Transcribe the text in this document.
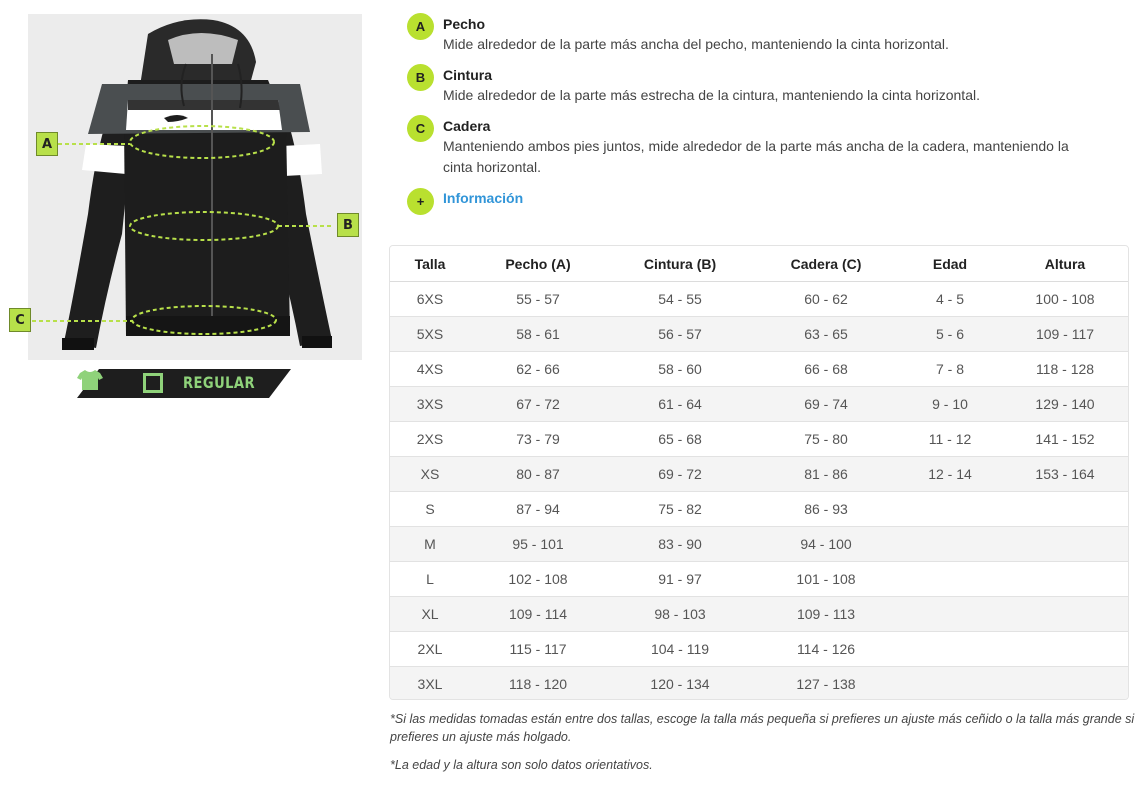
A
B
C
REGULAR
A	Pecho
Mide alrededor de la parte más ancha del pecho, manteniendo la cinta horizontal.
B	Cintura
Mide alrededor de la parte más estrecha de la cintura, manteniendo la cinta horizontal.
C	Cadera
Manteniendo ambos pies juntos, mide alrededor de la parte más ancha de la cadera, manteniendo la cinta horizontal.
+	Información
Talla	Pecho (A)	Cintura (B)	Cadera (C)	Edad	Altura
6XS	55 - 57	54 - 55	60 - 62	4 - 5	100 - 108
5XS	58 - 61	56 - 57	63 - 65	5 - 6	109 - 117
4XS	62 - 66	58 - 60	66 - 68	7 - 8	118 - 128
3XS	67 - 72	61 - 64	69 - 74	9 - 10	129 - 140
2XS	73 - 79	65 - 68	75 - 80	11 - 12	141 - 152
XS	80 - 87	69 - 72	81 - 86	12 - 14	153 - 164
S	87 - 94	75 - 82	86 - 93		
M	95 - 101	83 - 90	94 - 100		
L	102 - 108	91 - 97	101 - 108		
XL	109 - 114	98 - 103	109 - 113		
2XL	115 - 117	104 - 119	114 - 126		
3XL	118 - 120	120 - 134	127 - 138		
*Si las medidas tomadas están entre dos tallas, escoge la talla más pequeña si prefieres un ajuste más ceñido o la talla más grande si prefieres un ajuste más holgado.
*La edad y la altura son solo datos orientativos.
